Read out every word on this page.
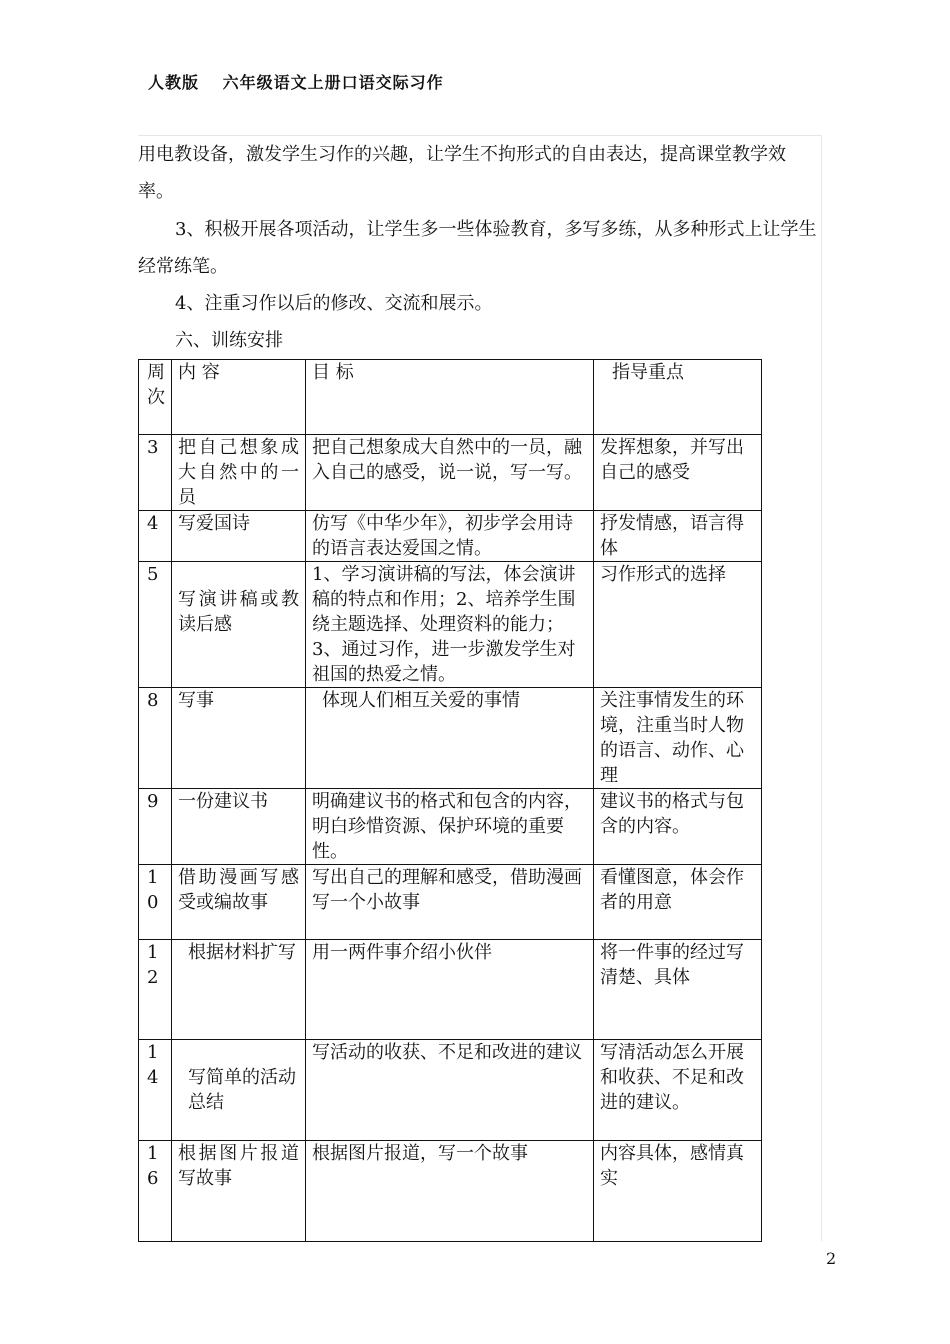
人教版　 六年级语文上册口语交际习作
用电教设备，激发学生习作的兴趣，让学生不拘形式的自由表达，提高课堂教学效率。
3、积极开展各项活动，让学生多一些体验教育，多写多练，从多种形式上让学生经常练笔。
4、注重习作以后的修改、交流和展示。
六、训练安排
周次	内 容	目 标	指导重点
3	把自己想象成大自然中的一员	把自己想象成大自然中的一员，融入自己的感受，说一说，写一写。	发挥想象，并写出自己的感受
4	写爱国诗	仿写《中华少年》，初步学会用诗的语言表达爱国之情。	抒发情感，语言得体
5	写演讲稿或教读后感	1、学习演讲稿的写法，体会演讲稿的特点和作用；2、培养学生围绕主题选择、处理资料的能力；3、通过习作，进一步激发学生对祖国的热爱之情。	习作形式的选择
8	写事	体现人们相互关爱的事情	关注事情发生的环境，注重当时人物的语言、动作、心理
9	一份建议书	明确建议书的格式和包含的内容，明白珍惜资源、保护环境的重要性。	建议书的格式与包含的内容。
10	借助漫画写感受或编故事	写出自己的理解和感受，借助漫画写一个小故事	看懂图意，体会作者的用意
12	根据材料扩写	用一两件事介绍小伙伴	将一件事的经过写清楚、具体
14	写简单的活动总结	写活动的收获、不足和改进的建议	写清活动怎么开展和收获、不足和改进的建议。
16	根据图片报道写故事	根据图片报道，写一个故事	内容具体，感情真实
2
